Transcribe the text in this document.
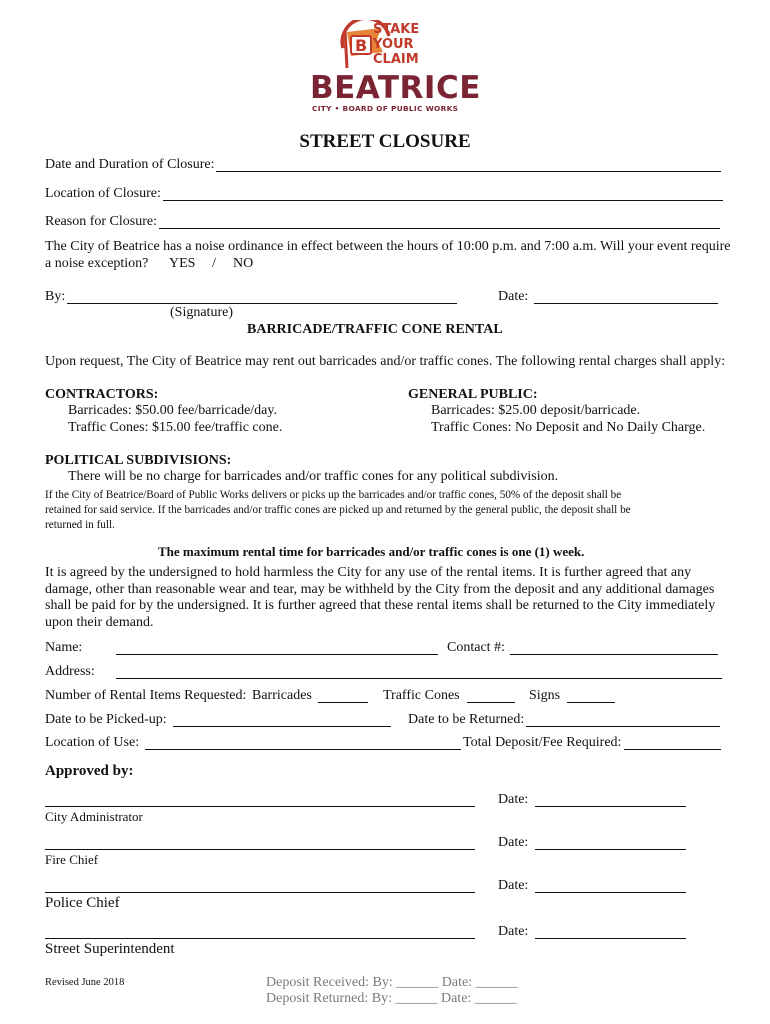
B
STAKE
YOUR
CLAIM
BEATRICE
CITY • BOARD OF PUBLIC WORKS
STREET CLOSURE
Date and Duration of Closure:
Location of Closure:
Reason for Closure:
The City of Beatrice has a noise ordinance in effect between the hours of 10:00 p.m. and 7:00 a.m. Will your event require
a noise exception? YES / NO
By:	Date:
(Signature)
BARRICADE/TRAFFIC CONE RENTAL
Upon request, The City of Beatrice may rent out barricades and/or traffic cones. The following rental charges shall apply:
CONTRACTORS:
Barricades: $50.00 fee/barricade/day.
Traffic Cones: $15.00 fee/traffic cone.
GENERAL PUBLIC:
Barricades: $25.00 deposit/barricade.
Traffic Cones: No Deposit and No Daily Charge.
POLITICAL SUBDIVISIONS:
There will be no charge for barricades and/or traffic cones for any political subdivision.
If the City of Beatrice/Board of Public Works delivers or picks up the barricades and/or traffic cones, 50% of the deposit shall be
retained for said service. If the barricades and/or traffic cones are picked up and returned by the general public, the deposit shall be
returned in full.
The maximum rental time for barricades and/or traffic cones is one (1) week.
It is agreed by the undersigned to hold harmless the City for any use of the rental items. It is further agreed that any
damage, other than reasonable wear and tear, may be withheld by the City from the deposit and any additional damages
shall be paid for by the undersigned. It is further agreed that these rental items shall be returned to the City immediately
upon their demand.
Name:	Contact #:
Address:
Number of Rental Items Requested: Barricades	Traffic Cones	Signs
Date to be Picked-up:	Date to be Returned:
Location of Use:	Total Deposit/Fee Required:
Approved by:
Date:
City Administrator
Date:
Fire Chief
Date:
Police Chief
Date:
Street Superintendent
Revised June 2018	Deposit Received: By: ______ Date: ______
Deposit Returned: By: ______ Date: ______
